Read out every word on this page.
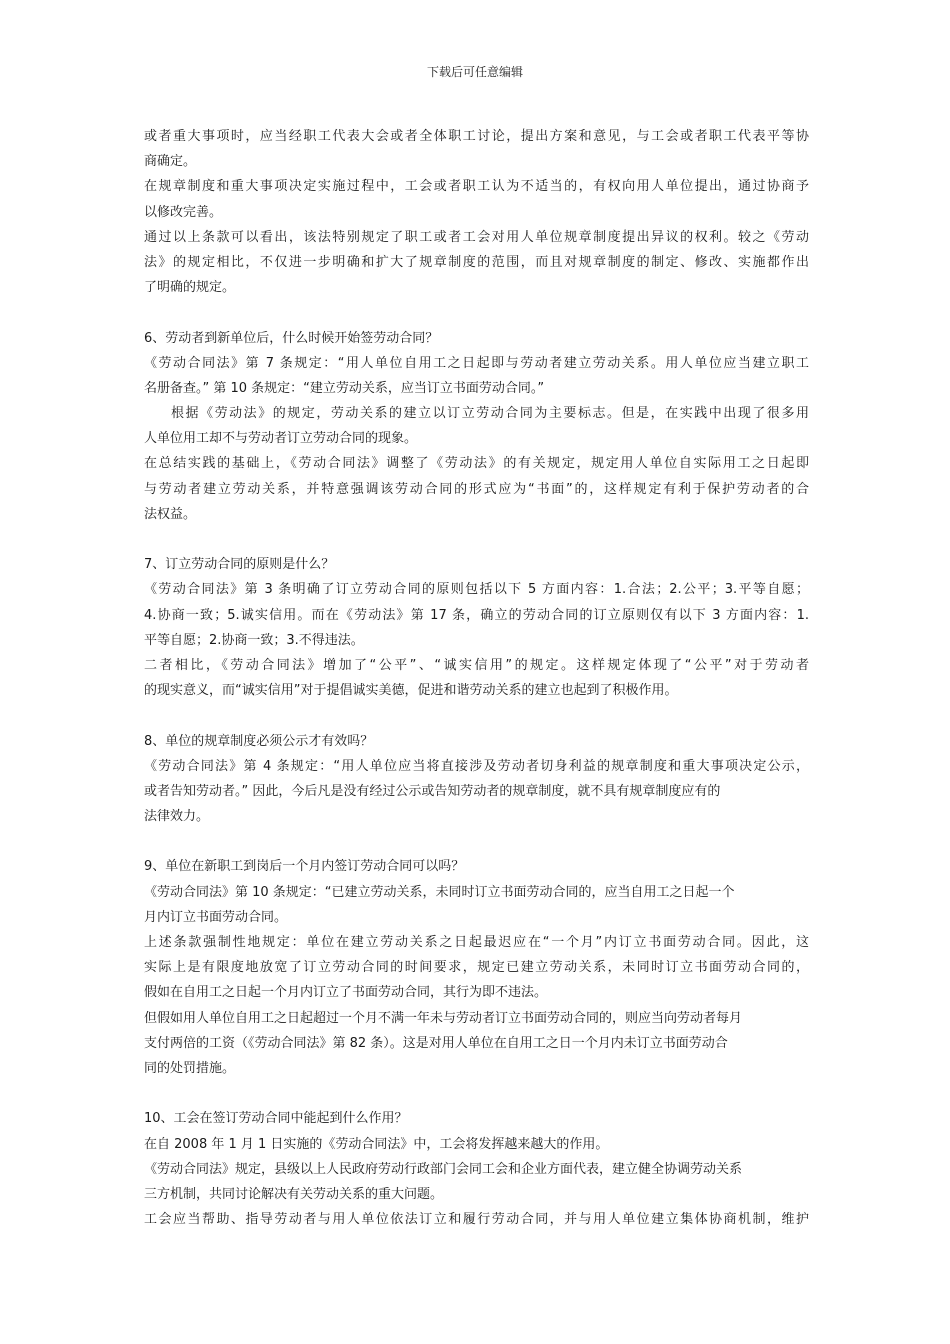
下载后可任意编辑
或者重大事项时，应当经职工代表大会或者全体职工讨论，提出方案和意见，与工会或者职工代表平等协
商确定。
在规章制度和重大事项决定实施过程中，工会或者职工认为不适当的，有权向用人单位提出，通过协商予
以修改完善。
通过以上条款可以看出，该法特别规定了职工或者工会对用人单位规章制度提出异议的权利。较之《劳动
法》的规定相比，不仅进一步明确和扩大了规章制度的范围，而且对规章制度的制定、修改、实施都作出
了明确的规定。
6、劳动者到新单位后，什么时候开始签劳动合同？
《劳动合同法》第 7 条规定：“用人单位自用工之日起即与劳动者建立劳动关系。用人单位应当建立职工
名册备查。” 第 10 条规定：“建立劳动关系，应当订立书面劳动合同。”
根据《劳动法》的规定，劳动关系的建立以订立劳动合同为主要标志。但是，在实践中出现了很多用
人单位用工却不与劳动者订立劳动合同的现象。
在总结实践的基础上，《劳动合同法》调整了《劳动法》的有关规定，规定用人单位自实际用工之日起即
与劳动者建立劳动关系，并特意强调该劳动合同的形式应为“书面”的，这样规定有利于保护劳动者的合
法权益。
7、订立劳动合同的原则是什么？
《劳动合同法》第 3 条明确了订立劳动合同的原则包括以下 5 方面内容：1.合法；2.公平；3.平等自愿；
4.协商一致；5.诚实信用。而在《劳动法》第 17 条，确立的劳动合同的订立原则仅有以下 3 方面内容：1.
平等自愿；2.协商一致；3.不得违法。
二者相比，《劳动合同法》增加了“公平”、“诚实信用”的规定。这样规定体现了“公平”对于劳动者
的现实意义，而“诚实信用”对于提倡诚实美德，促进和谐劳动关系的建立也起到了积极作用。
8、单位的规章制度必须公示才有效吗？
《劳动合同法》第 4 条规定：“用人单位应当将直接涉及劳动者切身利益的规章制度和重大事项决定公示，
或者告知劳动者。” 因此，今后凡是没有经过公示或告知劳动者的规章制度，就不具有规章制度应有的
法律效力。
9、单位在新职工到岗后一个月内签订劳动合同可以吗？
《劳动合同法》第 10 条规定：“已建立劳动关系，未同时订立书面劳动合同的，应当自用工之日起一个
月内订立书面劳动合同。
上述条款强制性地规定：单位在建立劳动关系之日起最迟应在“一个月”内订立书面劳动合同。因此，这
实际上是有限度地放宽了订立劳动合同的时间要求，规定已建立劳动关系，未同时订立书面劳动合同的，
假如在自用工之日起一个月内订立了书面劳动合同，其行为即不违法。
但假如用人单位自用工之日起超过一个月不满一年未与劳动者订立书面劳动合同的，则应当向劳动者每月
支付两倍的工资（《劳动合同法》第 82 条）。这是对用人单位在自用工之日一个月内未订立书面劳动合
同的处罚措施。
10、工会在签订劳动合同中能起到什么作用？
在自 2008 年 1 月 1 日实施的《劳动合同法》中，工会将发挥越来越大的作用。
《劳动合同法》规定，县级以上人民政府劳动行政部门会同工会和企业方面代表，建立健全协调劳动关系
三方机制，共同讨论解决有关劳动关系的重大问题。
工会应当帮助、指导劳动者与用人单位依法订立和履行劳动合同，并与用人单位建立集体协商机制，维护
